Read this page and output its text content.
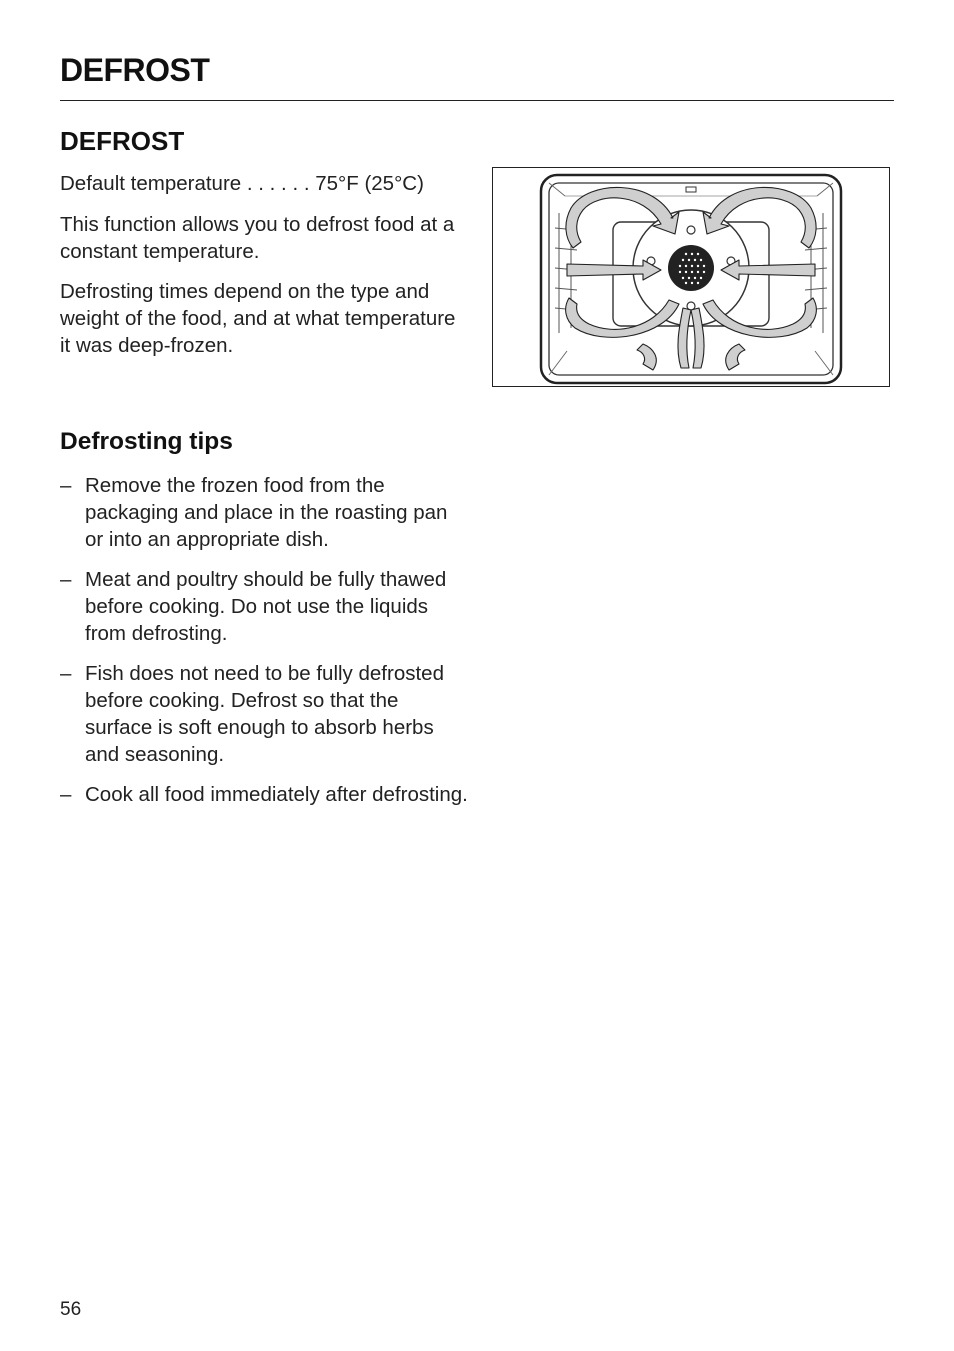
DEFROST
DEFROST

Default temperature . . . . . . 75°F (25°C)

This function allows you to defrost food at a constant temperature.

Defrosting times depend on the type and weight of the food, and at what temperature it was deep-frozen.

Defrosting tips
– Remove the frozen food from the packaging and place in the roasting pan or into an appropriate dish.
– Meat and poultry should be fully thawed before cooking. Do not use the liquids from defrosting.
– Fish does not need to be fully defrosted before cooking. Defrost so that the surface is soft enough to absorb herbs and seasoning.
– Cook all food immediately after defrosting.
56
